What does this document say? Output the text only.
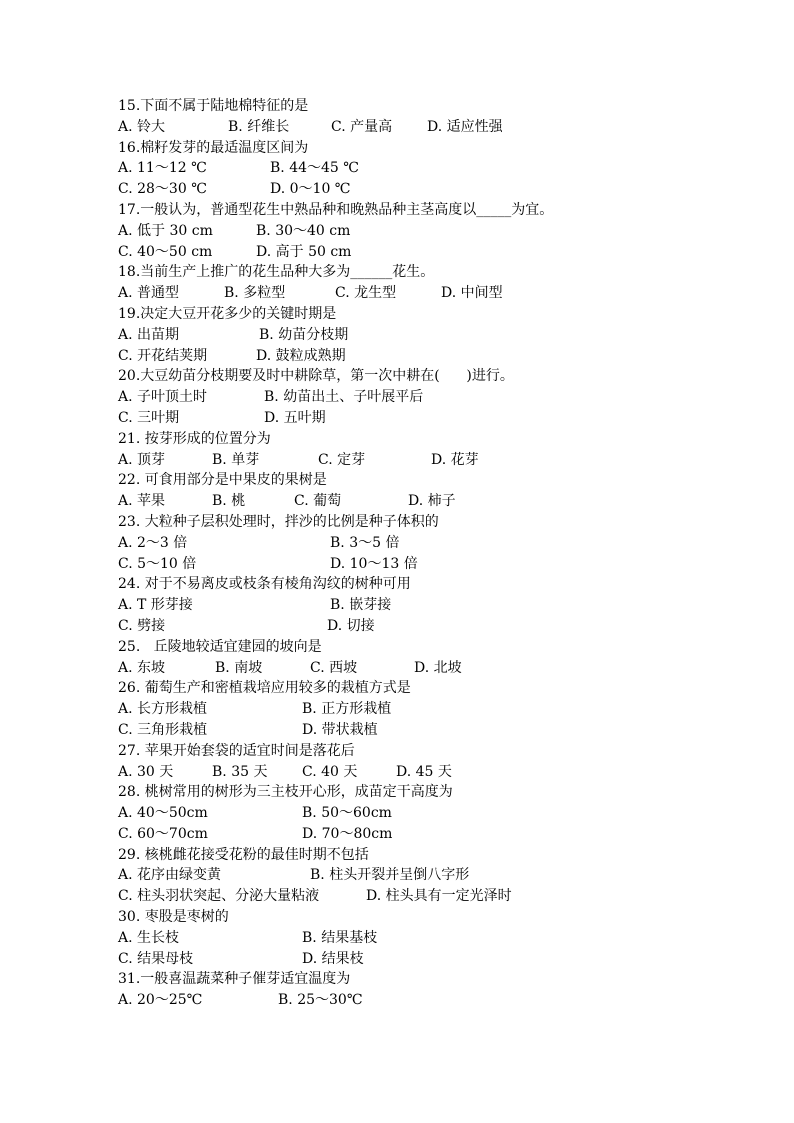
15.下面不属于陆地棉特征的是
A. 铃大	B. 纤维长	C. 产量高 D. 适应性强
16.棉籽发芽的最适温度区间为
A. 11～12 ℃	B. 44～45 ℃
C. 28～30 ℃	D. 0～10 ℃
17.一般认为，普通型花生中熟品种和晚熟品种主茎高度以_____为宜。
A. 低于 30 cm	B. 30～40 cm
C. 40～50 cm	D. 高于 50 cm
18.当前生产上推广的花生品种大多为______花生。
A. 普通型	B. 多粒型	C. 龙生型	D. 中间型
19.决定大豆开花多少的关键时期是
A. 出苗期	B. 幼苗分枝期
C. 开花结荚期	D. 鼓粒成熟期
20.大豆幼苗分枝期要及时中耕除草，第一次中耕在(      )进行。
A. 子叶顶土时	B. 幼苗出土、子叶展平后
C. 三叶期	D. 五叶期
21. 按芽形成的位置分为
A. 顶芽	B. 单芽	C. 定芽	D. 花芽
22. 可食用部分是中果皮的果树是
A. 苹果	B. 桃	C. 葡萄	D. 柿子
23. 大粒种子层积处理时，拌沙的比例是种子体积的
A. 2～3 倍	B. 3～5 倍
C. 5～10 倍	D. 10～13 倍
24. 对于不易离皮或枝条有棱角沟纹的树种可用
A. T 形芽接	B. 嵌芽接
C. 劈接	D. 切接
25.   丘陵地较适宜建园的坡向是
A. 东坡	B. 南坡	C. 西坡	D. 北坡
26. 葡萄生产和密植栽培应用较多的栽植方式是
A. 长方形栽植	B. 正方形栽植
C. 三角形栽植	D. 带状栽植
27. 苹果开始套袋的适宜时间是落花后
A. 30 天	B. 35 天 C. 40 天	D. 45 天
28. 桃树常用的树形为三主枝开心形，成苗定干高度为
A. 40～50cm	B. 50～60cm
C. 60～70cm	D. 70～80cm
29. 核桃雌花接受花粉的最佳时期不包括
A. 花序由绿变黄	B. 柱头开裂并呈倒八字形
C. 柱头羽状突起、分泌大量粘液	D. 柱头具有一定光泽时
30. 枣股是枣树的
A. 生长枝	B. 结果基枝
C. 结果母枝	D. 结果枝
31.一般喜温蔬菜种子催芽适宜温度为
A. 20～25℃	B. 25～30℃
